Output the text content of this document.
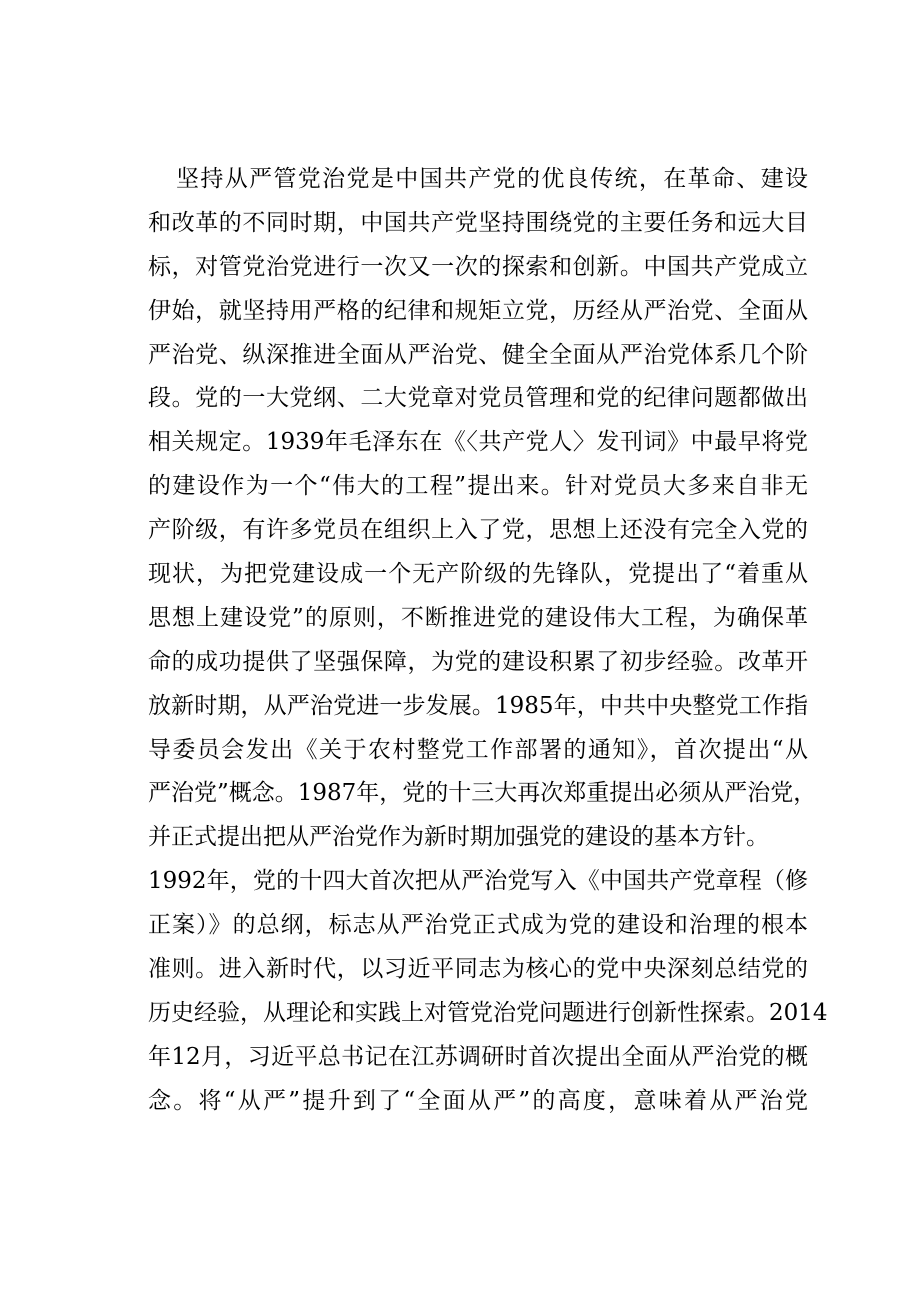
坚持从严管党治党是中国共产党的优良传统，在革命、建设
和改革的不同时期，中国共产党坚持围绕党的主要任务和远大目
标，对管党治党进行一次又一次的探索和创新。中国共产党成立
伊始，就坚持用严格的纪律和规矩立党，历经从严治党、全面从
严治党、纵深推进全面从严治党、健全全面从严治党体系几个阶
段。党的一大党纲、二大党章对党员管理和党的纪律问题都做出
相关规定。1939年毛泽东在《〈共产党人〉发刊词》中最早将党
的建设作为一个“伟大的工程”提出来。针对党员大多来自非无
产阶级，有许多党员在组织上入了党，思想上还没有完全入党的
现状，为把党建设成一个无产阶级的先锋队，党提出了“着重从
思想上建设党”的原则，不断推进党的建设伟大工程，为确保革
命的成功提供了坚强保障，为党的建设积累了初步经验。改革开
放新时期，从严治党进一步发展。1985年，中共中央整党工作指
导委员会发出《关于农村整党工作部署的通知》，首次提出“从
严治党”概念。1987年，党的十三大再次郑重提出必须从严治党，
并正式提出把从严治党作为新时期加强党的建设的基本方针。
1992年，党的十四大首次把从严治党写入《中国共产党章程（修
正案）》的总纲，标志从严治党正式成为党的建设和治理的根本
准则。进入新时代，以习近平同志为核心的党中央深刻总结党的
历史经验，从理论和实践上对管党治党问题进行创新性探索。2014
年12月，习近平总书记在江苏调研时首次提出全面从严治党的概
念。将“从严”提升到了“全面从严”的高度，意味着从严治党
